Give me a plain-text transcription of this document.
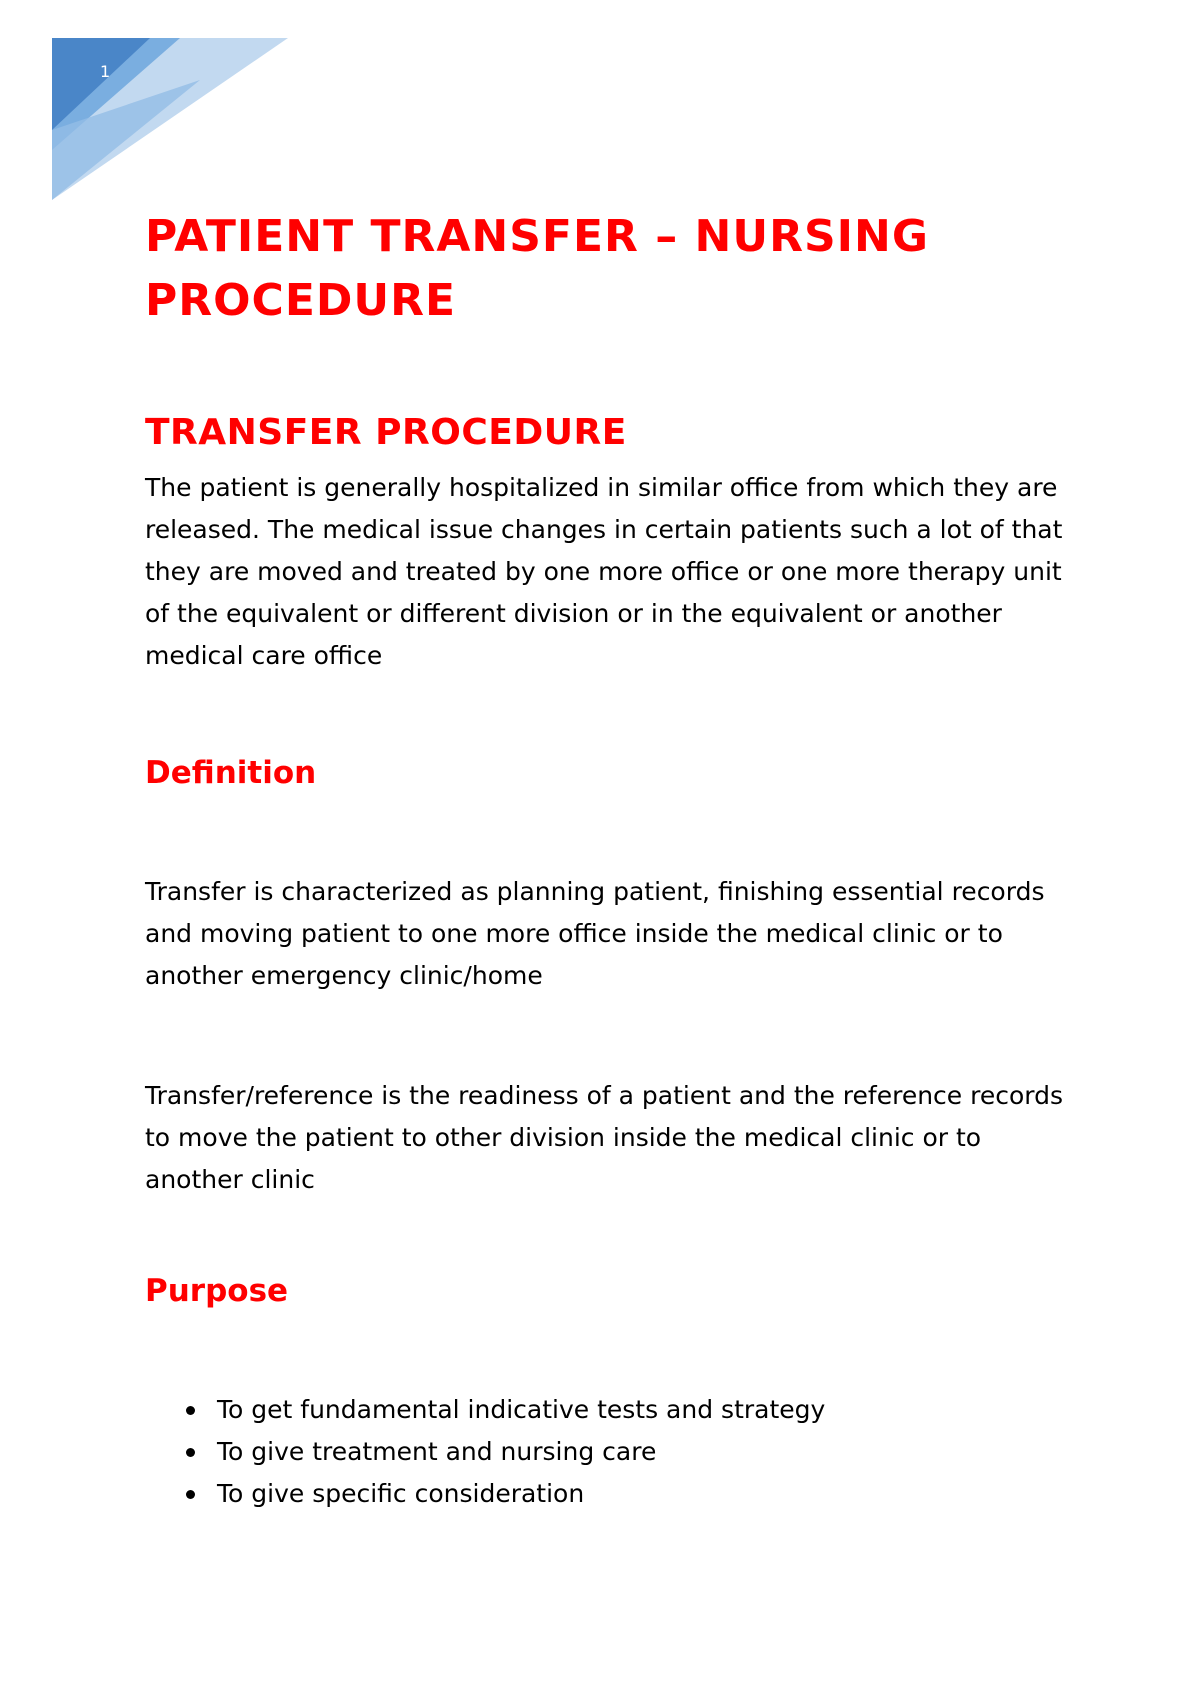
1
PATIENT TRANSFER – NURSING PROCEDURE
TRANSFER PROCEDURE

The patient is generally hospitalized in similar office from which they are released. The medical issue changes in certain patients such a lot of that they are moved and treated by one more office or one more therapy unit of the equivalent or different division or in the equivalent or another medical care office

Definition

Transfer is characterized as planning patient, finishing essential records and moving patient to one more office inside the medical clinic or to another emergency clinic/home

Transfer/reference is the readiness of a patient and the reference records to move the patient to other division inside the medical clinic or to another clinic

Purpose
To get fundamental indicative tests and strategy
To give treatment and nursing care
To give specific consideration
